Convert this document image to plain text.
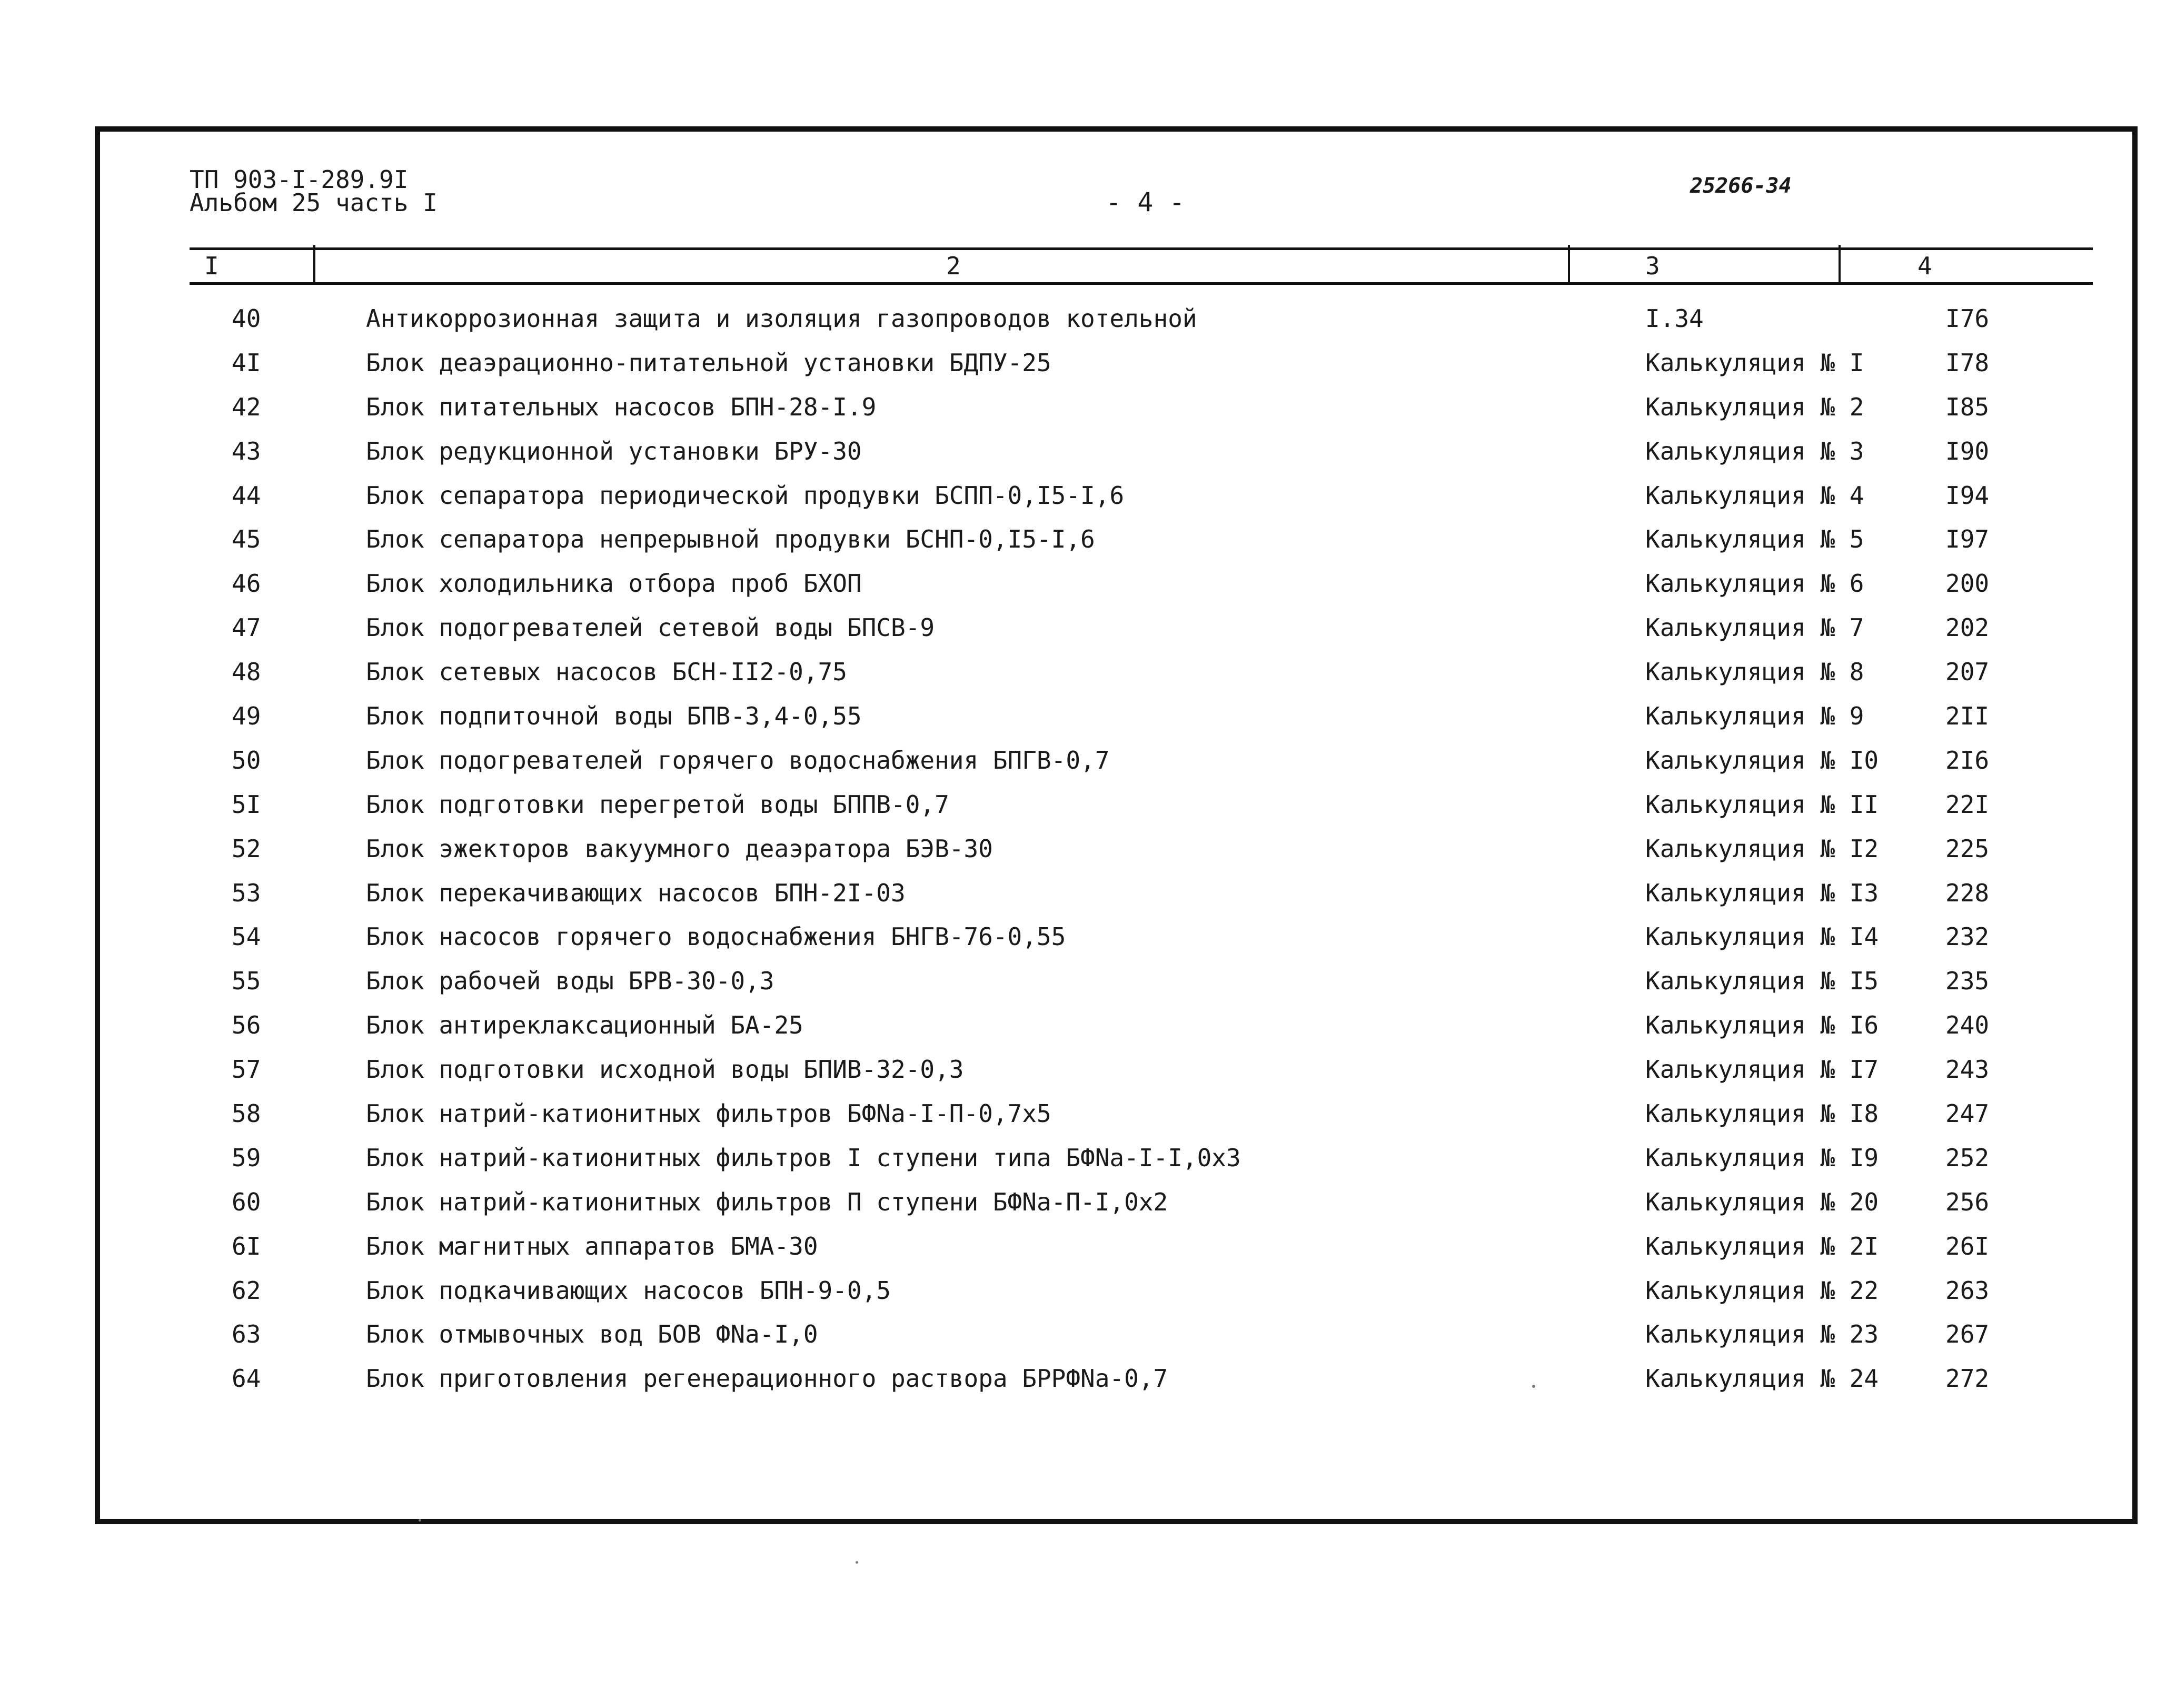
ТП 903-I-289.9I
Альбом 25 часть I	- 4 -
25266-34
I	2	3	4
40	Антикоррозионная защита и изоляция газопроводов котельной	I.34	I76
4I	Блок деаэрационно-питательной установки БДПУ-25	Калькуляция № I	I78
42	Блок питательных насосов БПН-28-I.9	Калькуляция № 2	I85
43	Блок редукционной установки БРУ-30	Калькуляция № 3	I90
44	Блок сепаратора периодической продувки БСПП-0,I5-I,6	Калькуляция № 4	I94
45	Блок сепаратора непрерывной продувки БСНП-0,I5-I,6	Калькуляция № 5	I97
46	Блок холодильника отбора проб БХОП	Калькуляция № 6	200
47	Блок подогревателей сетевой воды БПСВ-9	Калькуляция № 7	202
48	Блок сетевых насосов БСН-II2-0,75	Калькуляция № 8	207
49	Блок подпиточной воды БПВ-3,4-0,55	Калькуляция № 9	2II
50	Блок подогревателей горячего водоснабжения БПГВ-0,7	Калькуляция № I0	2I6
5I	Блок подготовки перегретой воды БППВ-0,7	Калькуляция № II	22I
52	Блок эжекторов вакуумного деаэратора БЭВ-30	Калькуляция № I2	225
53	Блок перекачивающих насосов БПН-2I-03	Калькуляция № I3	228
54	Блок насосов горячего водоснабжения БНГВ-76-0,55	Калькуляция № I4	232
55	Блок рабочей воды БРВ-30-0,3	Калькуляция № I5	235
56	Блок антиреклаксационный БА-25	Калькуляция № I6	240
57	Блок подготовки исходной воды БПИВ-32-0,3	Калькуляция № I7	243
58	Блок натрий-катионитных фильтров БФNa-I-П-0,7х5	Калькуляция № I8	247
59	Блок натрий-катионитных фильтров I ступени типа БФNa-I-I,0х3	Калькуляция № I9	252
60	Блок натрий-катионитных фильтров П ступени БФNa-П-I,0х2	Калькуляция № 20	256
6I	Блок магнитных аппаратов БМА-30	Калькуляция № 2I	26I
62	Блок подкачивающих насосов БПН-9-0,5	Калькуляция № 22	263
63	Блок отмывочных вод БОВ ФNa-I,0	Калькуляция № 23	267
64	Блок приготовления регенерационного раствора БРРФNa-0,7	Калькуляция № 24	272
